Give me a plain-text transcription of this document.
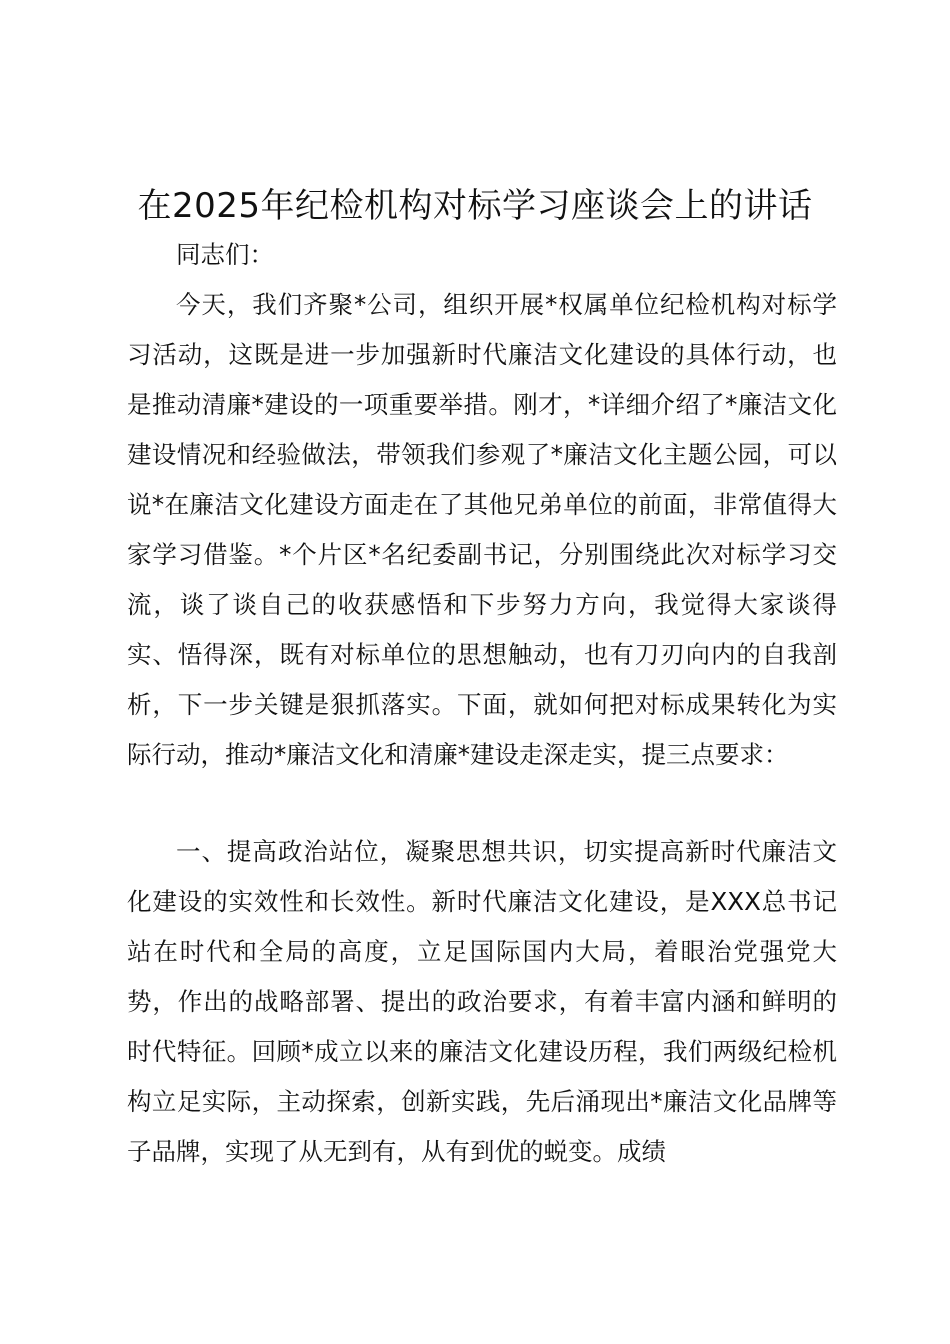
在2025年纪检机构对标学习座谈会上的讲话

同志们：

今天，我们齐聚*公司，组织开展*权属单位纪检机构对标学习活动，这既是进一步加强新时代廉洁文化建设的具体行动，也是推动清廉*建设的一项重要举措。刚才，*详细介绍了*廉洁文化建设情况和经验做法，带领我们参观了*廉洁文化主题公园，可以说*在廉洁文化建设方面走在了其他兄弟单位的前面，非常值得大家学习借鉴。*个片区*名纪委副书记，分别围绕此次对标学习交流，谈了谈自己的收获感悟和下步努力方向，我觉得大家谈得实、悟得深，既有对标单位的思想触动，也有刀刃向内的自我剖析，下一步关键是狠抓落实。下面，就如何把对标成果转化为实际行动，推动*廉洁文化和清廉*建设走深走实，提三点要求：

一、提高政治站位，凝聚思想共识，切实提高新时代廉洁文化建设的实效性和长效性。新时代廉洁文化建设，是XXX总书记站在时代和全局的高度，立足国际国内大局，着眼治党强党大势，作出的战略部署、提出的政治要求，有着丰富内涵和鲜明的时代特征。回顾*成立以来的廉洁文化建设历程，我们两级纪检机构立足实际，主动探索，创新实践，先后涌现出*廉洁文化品牌等子品牌，实现了从无到有，从有到优的蜕变。成绩
